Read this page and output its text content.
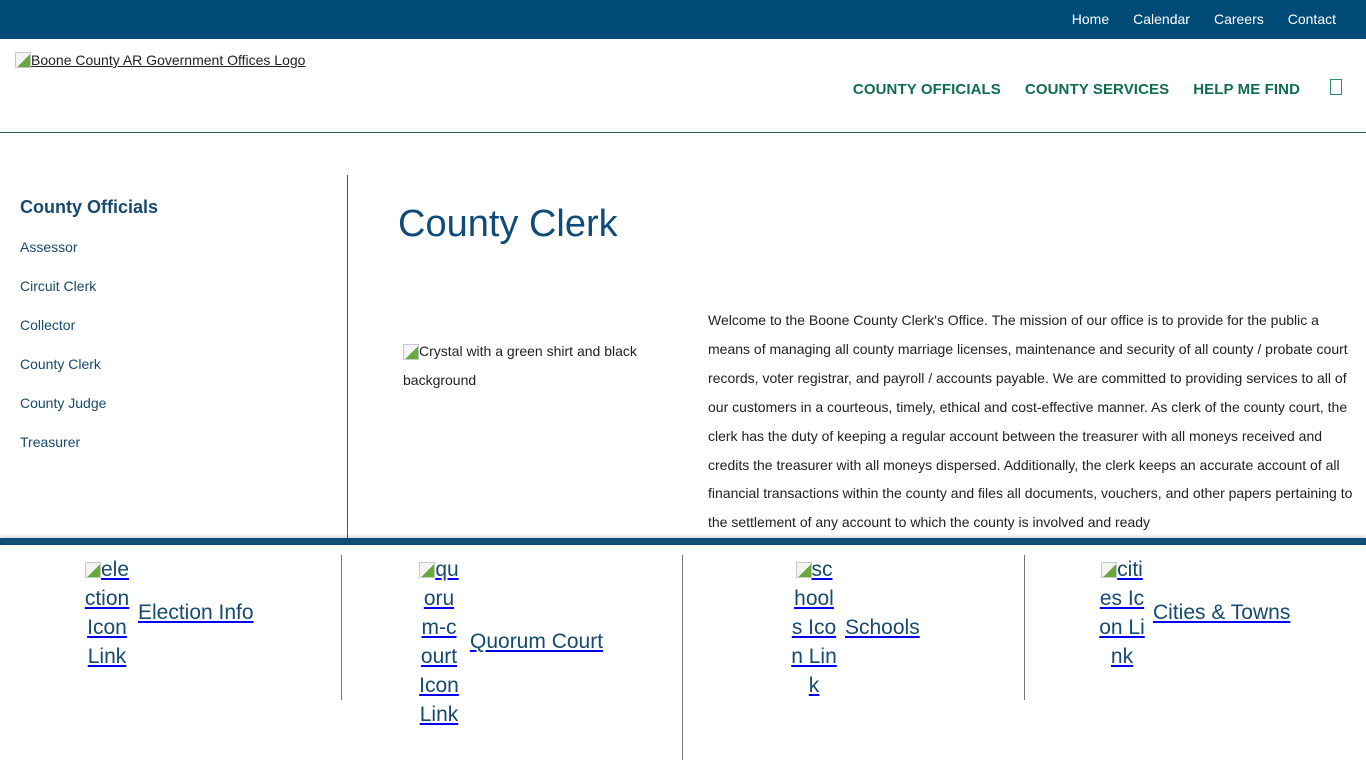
Home Calendar Careers Contact
Boone County AR Government Offices Logo
COUNTY OFFICIALS COUNTY SERVICES HELP ME FIND
County Officials
Assessor
Circuit Clerk
Collector
County Clerk
County Judge
Treasurer
County Clerk
Crystal with a green shirt and black background

Welcome to the Boone County Clerk's Office. The mission of our office is to provide for the public a means of managing all county marriage licenses, maintenance and security of all county / probate court records, voter registrar, and payroll / accounts payable. We are committed to providing services to all of our customers in a courteous, timely, ethical and cost-effective manner. As clerk of the county court, the clerk has the duty of keeping a regular account between the treasurer with all moneys received and credits the treasurer with all moneys dispersed. Additionally, the clerk keeps an accurate account of all financial transactions within the county and files all documents, vouchers, and other papers pertaining to the settlement of any account to which the county is involved and ready

election Icon Link
Election Info
quorum-court Icon Link
Quorum Court
schools Icon Link
Schools
cities Icon Link
Cities & Towns
